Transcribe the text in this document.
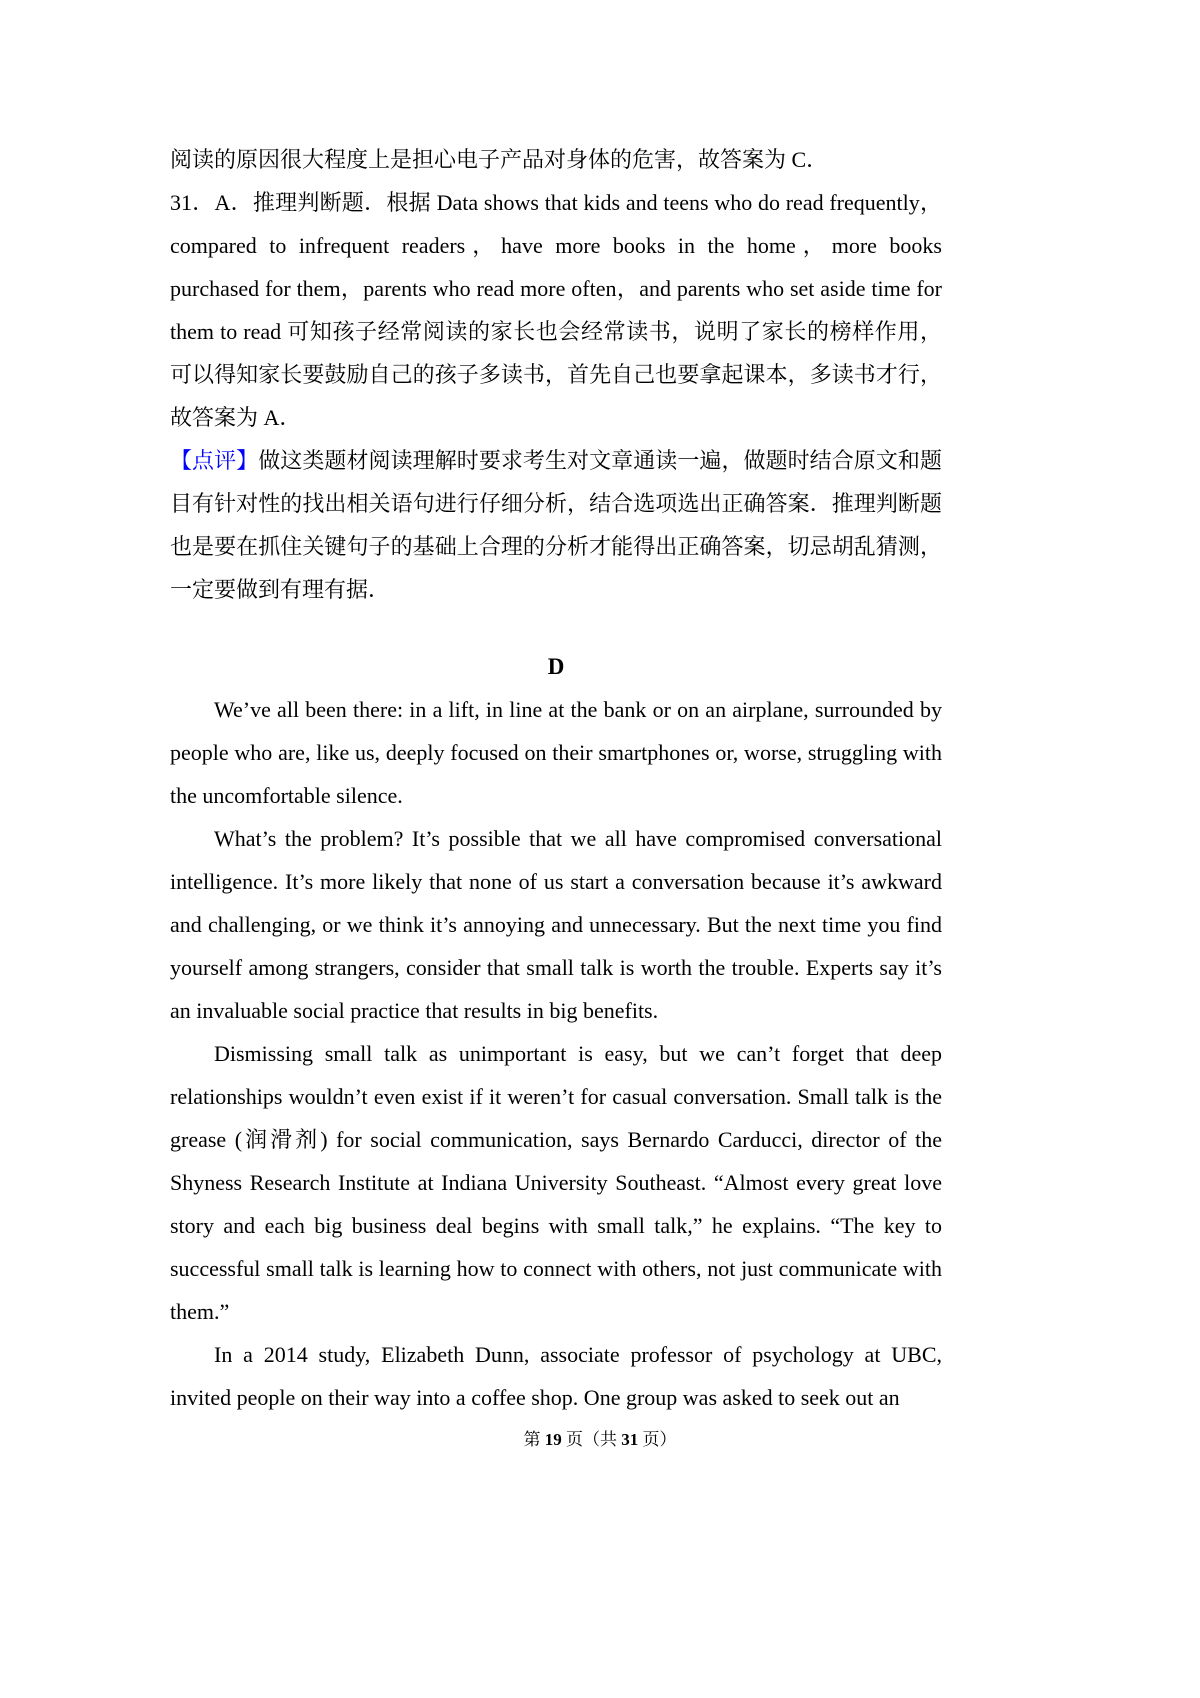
阅读的原因很大程度上是担心电子产品对身体的危害，故答案为 C．

31．A．推理判断题．根据 Data shows that kids and teens who do read frequently，compared to infrequent readers，have more books in the home，more books purchased for them，parents who read more often，and parents who set aside time for them to read 可知孩子经常阅读的家长也会经常读书，说明了家长的榜样作用，可以得知家长要鼓励自己的孩子多读书，首先自己也要拿起课本，多读书才行，故答案为 A．

【点评】做这类题材阅读理解时要求考生对文章通读一遍，做题时结合原文和题目有针对性的找出相关语句进行仔细分析，结合选项选出正确答案．推理判断题也是要在抓住关键句子的基础上合理的分析才能得出正确答案，切忌胡乱猜测，一定要做到有理有据．

D

We’ve all been there: in a lift, in line at the bank or on an airplane, surrounded by people who are, like us, deeply focused on their smartphones or, worse, struggling with the uncomfortable silence.

What’s the problem? It’s possible that we all have compromised conversational intelligence. It’s more likely that none of us start a conversation because it’s awkward and challenging, or we think it’s annoying and unnecessary. But the next time you find yourself among strangers, consider that small talk is worth the trouble. Experts say it’s an invaluable social practice that results in big benefits.

Dismissing small talk as unimportant is easy, but we can’t forget that deep relationships wouldn’t even exist if it weren’t for casual conversation. Small talk is the grease (润滑剂) for social communication, says Bernardo Carducci, director of the Shyness Research Institute at Indiana University Southeast. “Almost every great love story and each big business deal begins with small talk,” he explains. “The key to successful small talk is learning how to connect with others, not just communicate with them.”

In a 2014 study, Elizabeth Dunn, associate professor of psychology at UBC, invited people on their way into a coffee shop. One group was asked to seek out an

第 19 页（共 31 页）
